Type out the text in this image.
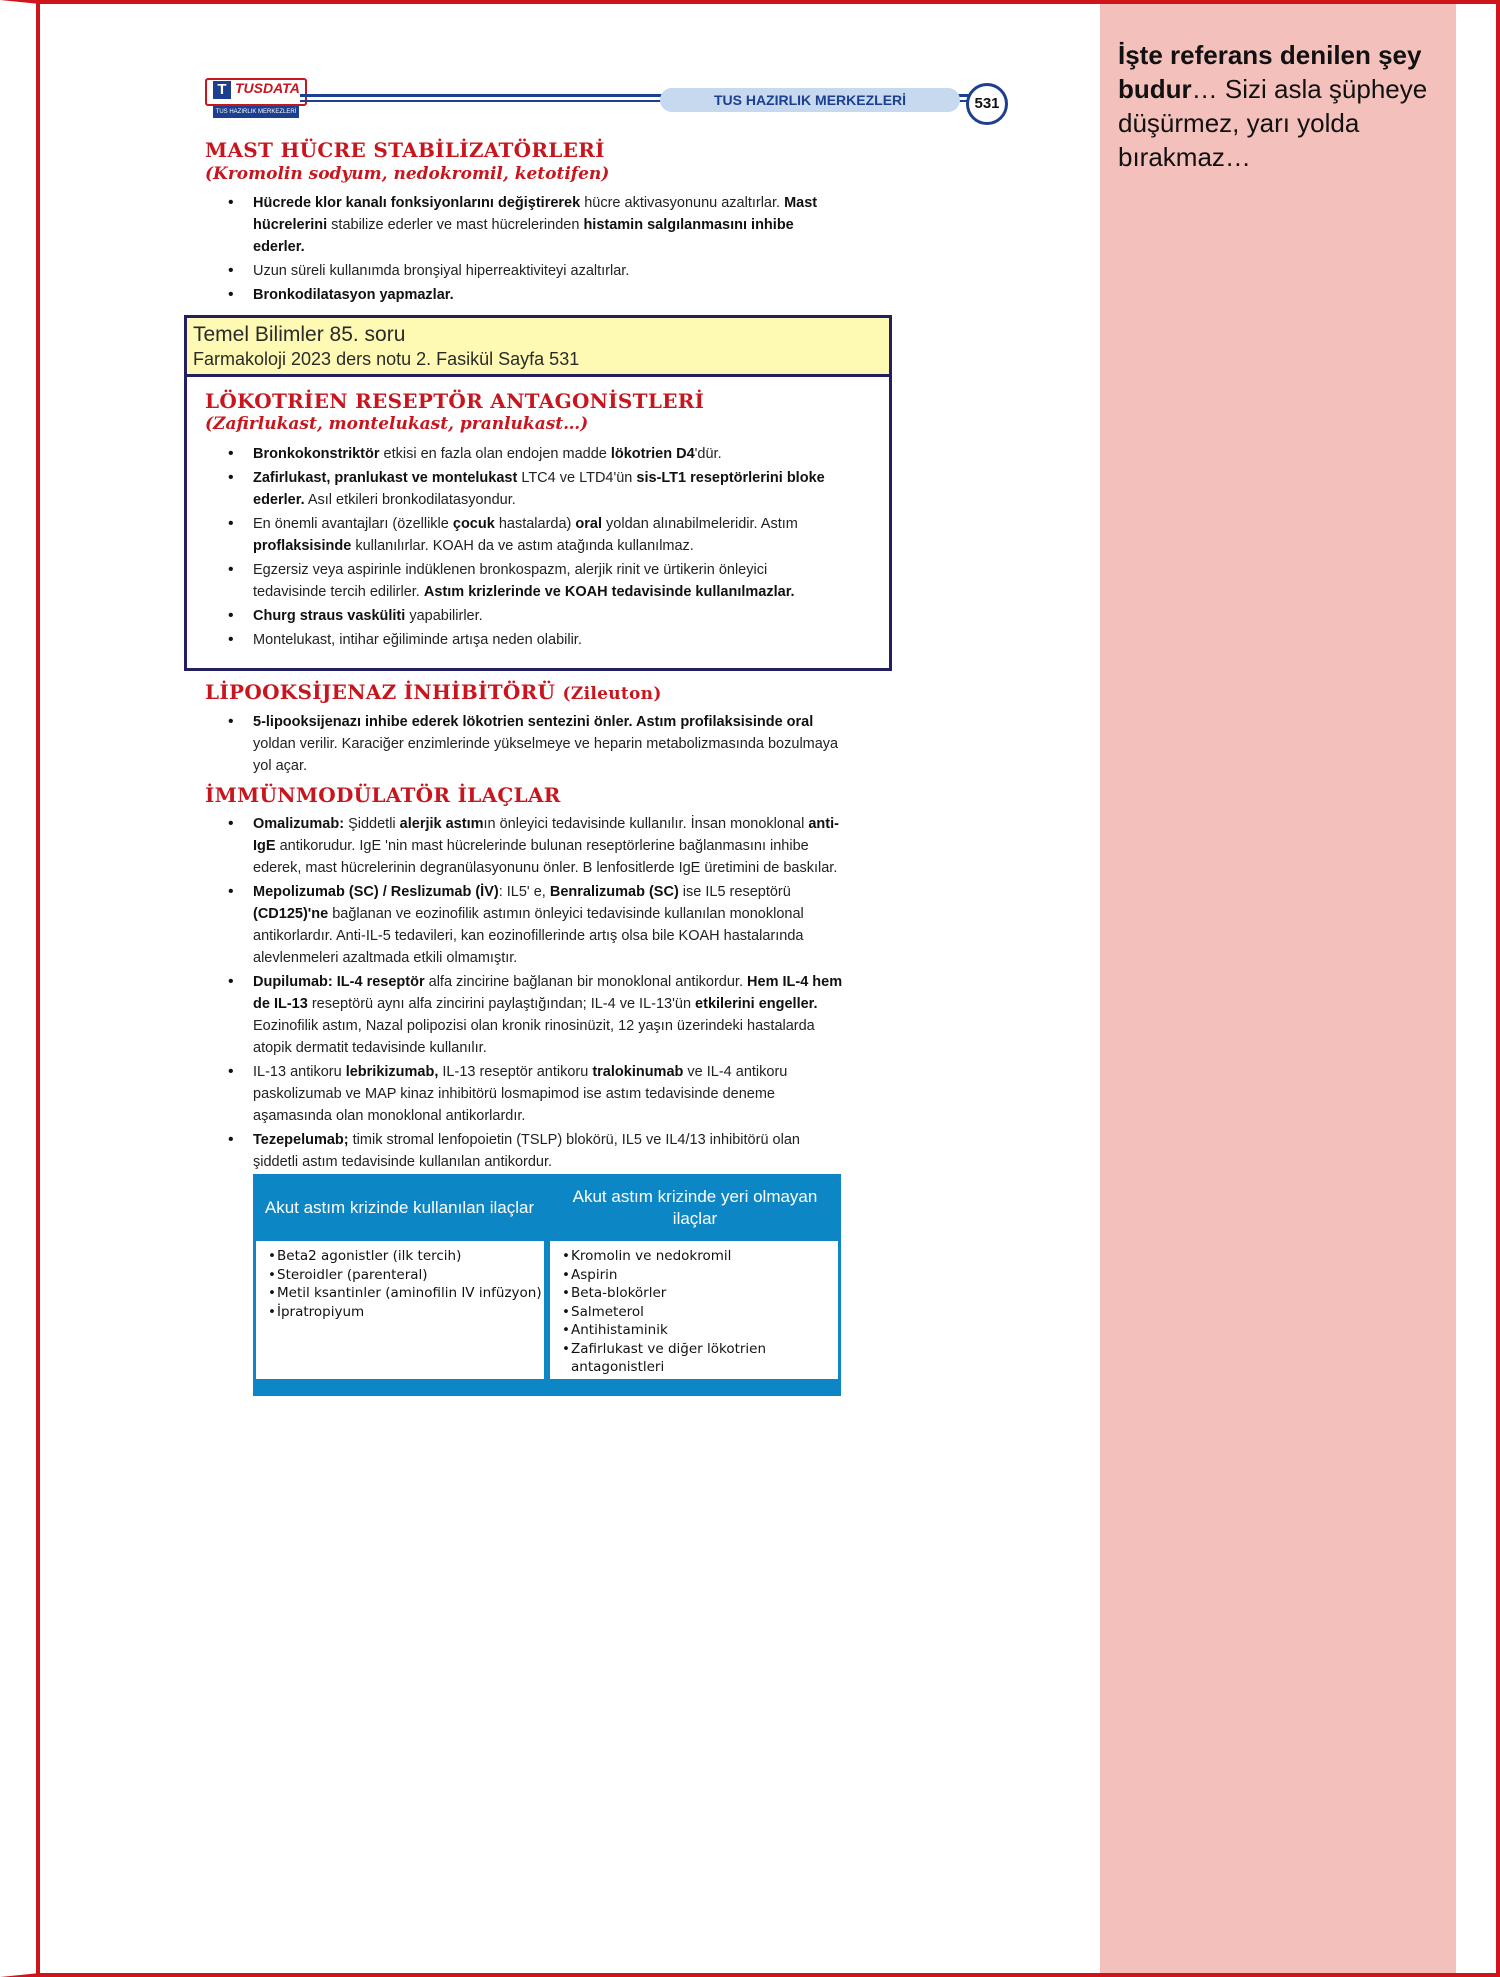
İşte referans denilen şey budur… Sizi asla şüpheye düşürmez, yarı yolda bırakmaz…
T TUSDATA
TUS HAZIRLIK MERKEZLERİ
TUS HAZIRLIK MERKEZLERİ	531
MAST HÜCRE STABİLİZATÖRLERİ
(Kromolin sodyum, nedokromil, ketotifen)
• Hücrede klor kanalı fonksiyonlarını değiştirerek hücre aktivasyonunu azaltırlar. Mast hücrelerini stabilize ederler ve mast hücrelerinden histamin salgılanmasını inhibe ederler.
• Uzun süreli kullanımda bronşiyal hiperreaktiviteyi azaltırlar.
• Bronkodilatasyon yapmazlar.
Temel Bilimler 85. soru
Farmakoloji 2023 ders notu 2. Fasikül Sayfa 531
LÖKOTRİEN RESEPTÖR ANTAGONİSTLERİ
(Zafirlukast, montelukast, pranlukast…)
• Bronkokonstriktör etkisi en fazla olan endojen madde lökotrien D4'dür.
• Zafirlukast, pranlukast ve montelukast LTC4 ve LTD4'ün sis-LT1 reseptörlerini bloke ederler. Asıl etkileri bronkodilatasyondur.
• En önemli avantajları (özellikle çocuk hastalarda) oral yoldan alınabilmeleridir. Astım proflaksisinde kullanılırlar. KOAH da ve astım atağında kullanılmaz.
• Egzersiz veya aspirinle indüklenen bronkospazm, alerjik rinit ve ürtikerin önleyici tedavisinde tercih edilirler. Astım krizlerinde ve KOAH tedavisinde kullanılmazlar.
• Churg straus vasküliti yapabilirler.
• Montelukast, intihar eğiliminde artışa neden olabilir.
LİPOOKSİJENAZ İNHİBİTÖRÜ (Zileuton)
• 5-lipooksijenazı inhibe ederek lökotrien sentezini önler. Astım profilaksisinde oral yoldan verilir. Karaciğer enzimlerinde yükselmeye ve heparin metabolizmasında bozulmaya yol açar.
İMMÜNMODÜLATÖR İLAÇLAR
• Omalizumab: Şiddetli alerjik astımın önleyici tedavisinde kullanılır. İnsan monoklonal anti-IgE antikorudur. IgE 'nin mast hücrelerinde bulunan reseptörlerine bağlanmasını inhibe ederek, mast hücrelerinin degranülasyonunu önler. B lenfositlerde IgE üretimini de baskılar.
• Mepolizumab (SC) / Reslizumab (İV): IL5' e, Benralizumab (SC) ise IL5 reseptörü (CD125)'ne bağlanan ve eozinofilik astımın önleyici tedavisinde kullanılan monoklonal antikorlardır. Anti-IL-5 tedavileri, kan eozinofillerinde artış olsa bile KOAH hastalarında alevlenmeleri azaltmada etkili olmamıştır.
• Dupilumab: IL-4 reseptör alfa zincirine bağlanan bir monoklonal antikordur. Hem IL-4 hem de IL-13 reseptörü aynı alfa zincirini paylaştığından; IL-4 ve IL-13'ün etkilerini engeller. Eozinofilik astım, Nazal polipozisi olan kronik rinosinüzit, 12 yaşın üzerindeki hastalarda atopik dermatit tedavisinde kullanılır.
• IL-13 antikoru lebrikizumab, IL-13 reseptör antikoru tralokinumab ve IL-4 antikoru paskolizumab ve MAP kinaz inhibitörü losmapimod ise astım tedavisinde deneme aşamasında olan monoklonal antikorlardır.
• Tezepelumab; timik stromal lenfopoietin (TSLP) blokörü, IL5 ve IL4/13 inhibitörü olan şiddetli astım tedavisinde kullanılan antikordur.
Akut astım krizinde kullanılan ilaçlar
Akut astım krizinde yeri olmayan ilaçlar
• Beta2 agonistler (ilk tercih)
• Steroidler (parenteral)
• Metil ksantinler (aminofilin IV infüzyon)
• İpratropiyum
• Kromolin ve nedokromil
• Aspirin
• Beta-blokörler
• Salmeterol
• Antihistaminik
• Zafirlukast ve diğer lökotrien antagonistleri
